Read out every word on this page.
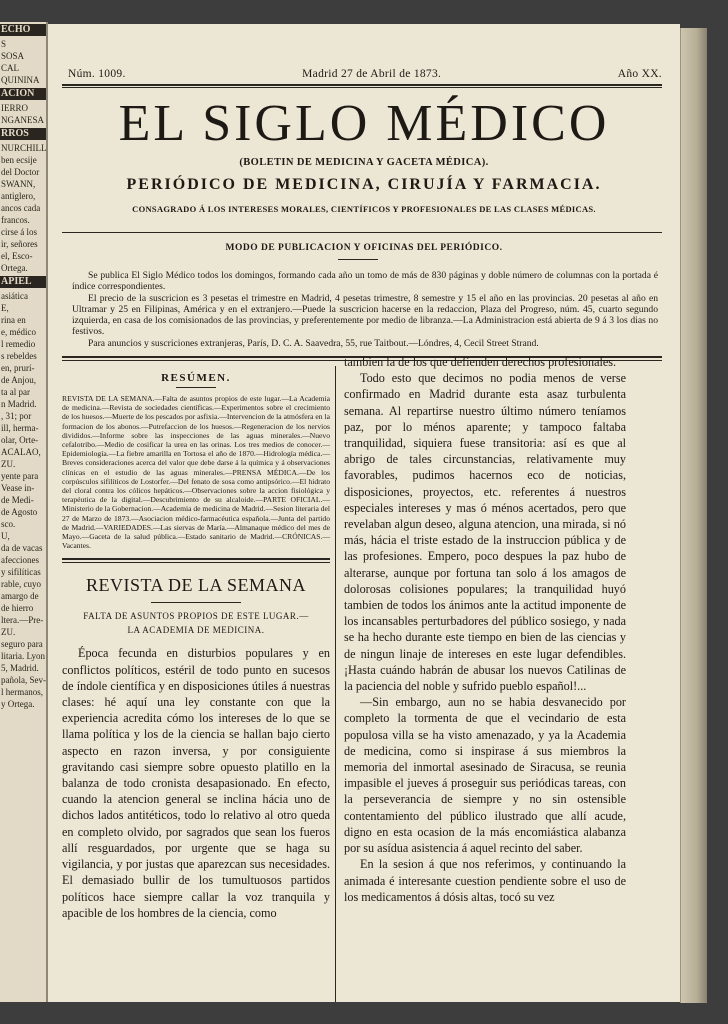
ECHO
S
SOSA
CAL
QUININA
ACION
IERRO
NGANESA
RROS
NURCHILL
ben ecsije
del Doctor
SWANN,
antiglero,
ancos cada
francos.
cirse á los
ir, señores
el, Esco-
Ortega.
APIEL
asiática
E,
rina en
e, médico
l remedio
s rebeldes
en, prurí-
de Anjou,
ta al par
n Madrid.
, 31; por
ill, herma-
olar, Orte-
ACALAO,
ZU.
yente para
Vease in-
de Medi-
de Agosto
sco.
U,
da de vacas
afecciones
y sifilíticas
rable, cuyo
amargo de
de hierro
ltera.—Pre-
ZU.
seguro para
litaria. Lyon
5, Madrid.
pañola, Sev-
l hermanos,
y Ortega.
Núm. 1009.	Madrid 27 de Abril de 1873.	Año XX.
EL SIGLO MÉDICO
(BOLETIN DE MEDICINA Y GACETA MÉDICA).
PERIÓDICO DE MEDICINA, CIRUJÍA Y FARMACIA.
CONSAGRADO Á LOS INTERESES MORALES, CIENTÍFICOS Y PROFESIONALES DE LAS CLASES MÉDICAS.
MODO DE PUBLICACION Y OFICINAS DEL PERIÓDICO.

Se publica El Siglo Médico todos los domingos, formando cada año un tomo de más de 830 páginas y doble número de columnas con la portada é índice correspondientes.

El precio de la suscricion es 3 pesetas el trimestre en Madrid, 4 pesetas trimestre, 8 semestre y 15 el año en las provincias. 20 pesetas al año en Ultramar y 25 en Filipinas, América y en el extranjero.—Puede la suscricion hacerse en la redaccion, Plaza del Progreso, núm. 45, cuarto segundo izquierda, en casa de los comisionados de las provincias, y preferentemente por medio de libranza.—La Administracion está abierta de 9 á 3 los dias no festivos.

Para anuncios y suscriciones extranjeras, París, D. C. A. Saavedra, 55, rue Taitbout.—Lóndres, 4, Cecil Street Strand.

RESÚMEN.
REVISTA DE LA SEMANA.—Falta de asuntos propios de este lugar.—La Academia de medicina.—Revista de sociedades científicas.—Experimentos sobre el crecimiento de los huesos.—Muerte de los pescados por asfixia.—Intervencion de la atmósfera en la formacion de los abonos.—Putrefaccion de los huesos.—Regeneracion de los nervios divididos.—Informe sobre las inspecciones de las aguas minerales.—Nuevo cefalotribo.—Medio de cosificar la urea en las orinas. Los tres medios de conocer.—Epidemiología.—La fiebre amarilla en Tortosa el año de 1870.—Hidrología médica.—Breves consideraciones acerca del valor que debe darse á la química y á observaciones clínicas en el estudio de las aguas minerales.—PRENSA MÉDICA.—De los corpúsculos sifilíticos de Lostorfer.—Del fenato de sosa como antipsórico.—El hidrato del cloral contra los cólicos hepáticos.—Observaciones sobre la accion fisiológica y terapéutica de la digital.—Descubrimiento de su alcaloide.—PARTE OFICIAL.—Ministerio de la Gobernacion.—Academia de medicina de Madrid.—Sesion literaria del 27 de Marzo de 1873.—Asociacion médico-farmacéutica española.—Junta del partido de Madrid.—VARIEDADES.—Las siervas de María.—Almanaque médico del mes de Mayo.—Gaceta de la salud pública.—Estado sanitario de Madrid.—CRÓNICAS.—Vacantes.
REVISTA DE LA SEMANA
FALTA DE ASUNTOS PROPIOS DE ESTE LUGAR.—
LA ACADEMIA DE MEDICINA.

Época fecunda en disturbios populares y en conflictos políticos, estéril de todo punto en sucesos de índole científica y en disposiciones útiles á nuestras clases: hé aquí una ley constante con que la experiencia acredita cómo los intereses de lo que se llama política y los de la ciencia se hallan bajo cierto aspecto en razon inversa, y por consiguiente gravitando casi siempre sobre opuesto platillo en la balanza de todo cronista desapasionado. En efecto, cuando la atencion general se inclina hácia uno de dichos lados antitéticos, todo lo relativo al otro queda en completo olvido, por sagrados que sean los fueros allí resguardados, por urgente que se haga su vigilancia, y por justas que aparezcan sus necesidades. El demasiado bullir de los tumultuosos partidos políticos hace siempre callar la voz tranquila y apacible de los hombres de la ciencia, como

tambien la de los que defienden derechos profesionales.

Todo esto que decimos no podia menos de verse confirmado en Madrid durante esta asaz turbulenta semana. Al repartirse nuestro último número teníamos paz, por lo ménos aparente; y tampoco faltaba tranquilidad, siquiera fuese transitoria: así es que al abrigo de tales circunstancias, relativamente muy favorables, pudimos hacernos eco de noticias, disposiciones, proyectos, etc. referentes á nuestros especiales intereses y mas ó ménos acertados, pero que revelaban algun deseo, alguna atencion, una mirada, si nó más, hácia el triste estado de la instruccion pública y de las profesiones. Empero, poco despues la paz hubo de alterarse, aunque por fortuna tan solo á los amagos de dolorosas colisiones populares; la tranquilidad huyó tambien de todos los ánimos ante la actitud imponente de los incansables perturbadores del público sosiego, y nada se ha hecho durante este tiempo en bien de las ciencias y de ningun linaje de intereses en este lugar defendibles. ¡Hasta cuándo habrán de abusar los nuevos Catilinas de la paciencia del noble y sufrido pueblo español!...

—Sin embargo, aun no se habia desvanecido por completo la tormenta de que el vecindario de esta populosa villa se ha visto amenazado, y ya la Academia de medicina, como si inspirase á sus miembros la memoria del inmortal asesinado de Siracusa, se reunia impasible el jueves á proseguir sus periódicas tareas, con la perseverancia de siempre y no sin ostensible contentamiento del público ilustrado que allí acude, digno en esta ocasion de la más encomiástica alabanza por su asídua asistencia á aquel recinto del saber.

En la sesion á que nos referimos, y continuando la animada é interesante cuestion pendiente sobre el uso de los medicamentos á dósis altas, tocó su vez
